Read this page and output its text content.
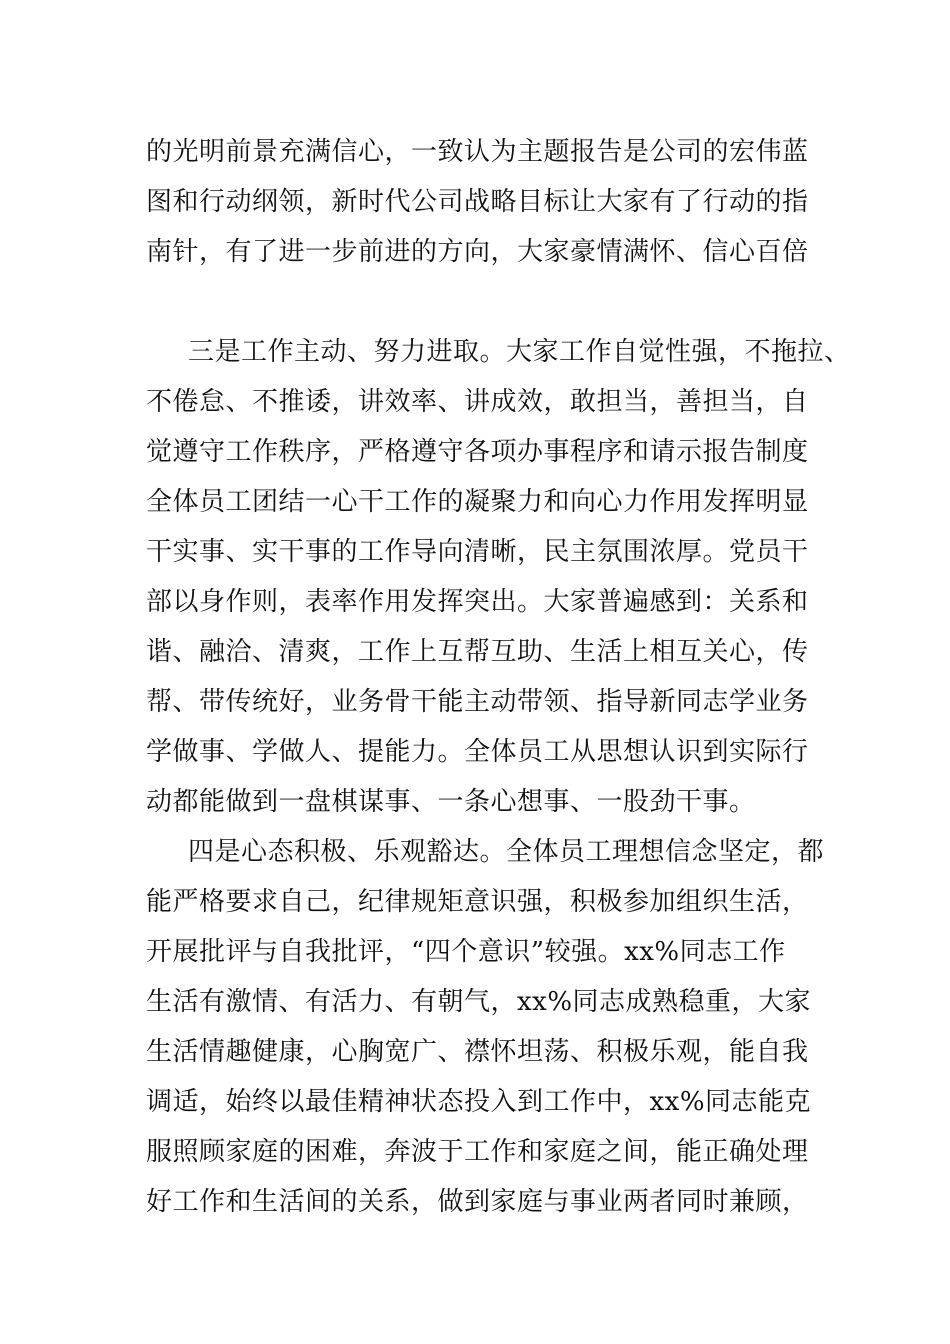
的光明前景充满信心，一致认为主题报告是公司的宏伟蓝
图和行动纲领，新时代公司战略目标让大家有了行动的指
南针，有了进一步前进的方向，大家豪情满怀、信心百倍
三是工作主动、努力进取。大家工作自觉性强，不拖拉、
不倦怠、不推诿，讲效率、讲成效，敢担当，善担当，自
觉遵守工作秩序，严格遵守各项办事程序和请示报告制度
全体员工团结一心干工作的凝聚力和向心力作用发挥明显
干实事、实干事的工作导向清晰，民主氛围浓厚。党员干
部以身作则，表率作用发挥突出。大家普遍感到：关系和
谐、融洽、清爽，工作上互帮互助、生活上相互关心，传
帮、带传统好，业务骨干能主动带领、指导新同志学业务
学做事、学做人、提能力。全体员工从思想认识到实际行
动都能做到一盘棋谋事、一条心想事、一股劲干事。
四是心态积极、乐观豁达。全体员工理想信念坚定，都
能严格要求自己，纪律规矩意识强，积极参加组织生活，
开展批评与自我批评，“四个意识”较强。xx%同志工作
生活有激情、有活力、有朝气，xx%同志成熟稳重，大家
生活情趣健康，心胸宽广、襟怀坦荡、积极乐观，能自我
调适，始终以最佳精神状态投入到工作中，xx%同志能克
服照顾家庭的困难，奔波于工作和家庭之间，能正确处理
好工作和生活间的关系，做到家庭与事业两者同时兼顾，
